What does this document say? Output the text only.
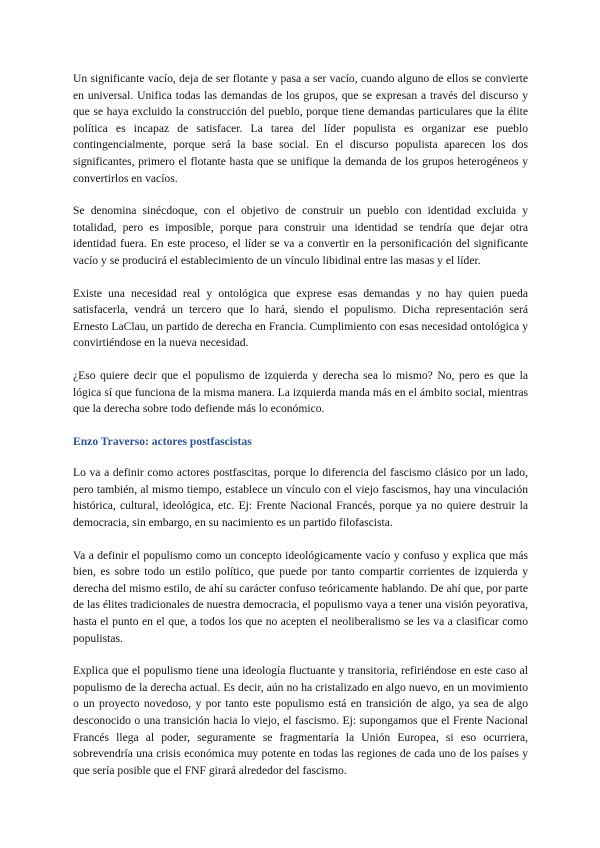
Un significante vacío, deja de ser flotante y pasa a ser vacío, cuando alguno de ellos se convierte en universal. Unifica todas las demandas de los grupos, que se expresan a través del discurso y que se haya excluido la construcción del pueblo, porque tiene demandas particulares que la élite política es incapaz de satisfacer. La tarea del líder populista es organizar ese pueblo contingencialmente, porque será la base social. En el discurso populista aparecen los dos significantes, primero el flotante hasta que se unifique la demanda de los grupos heterogéneos y convertirlos en vacíos.

Se denomina sinécdoque, con el objetivo de construir un pueblo con identidad excluida y totalidad, pero es imposible, porque para construir una identidad se tendría que dejar otra identidad fuera. En este proceso, el líder se va a convertir en la personificación del significante vacío y se producirá el establecimiento de un vínculo libidinal entre las masas y el líder.

Existe una necesidad real y ontológica que exprese esas demandas y no hay quien pueda satisfacerla, vendrá un tercero que lo hará, siendo el populismo. Dicha representación será Ernesto LaClau, un partido de derecha en Francia. Cumplimiento con esas necesidad ontológica y convirtiéndose en la nueva necesidad.

¿Eso quiere decir que el populismo de izquierda y derecha sea lo mismo? No, pero es que la lógica sí que funciona de la misma manera. La izquierda manda más en el ámbito social, mientras que la derecha sobre todo defiende más lo económico.

Enzo Traverso: actores postfascistas

Lo va a definir como actores postfascitas, porque lo diferencia del fascismo clásico por un lado, pero también, al mismo tiempo, establece un vínculo con el viejo fascismos, hay una vinculación histórica, cultural, ideológica, etc. Ej: Frente Nacional Francés, porque ya no quiere destruir la democracia, sin embargo, en su nacimiento es un partido filofascista.

Va a definir el populismo como un concepto ideológicamente vacío y confuso y explica que más bien, es sobre todo un estilo político, que puede por tanto compartir corrientes de izquierda y derecha del mismo estilo, de ahí su carácter confuso teóricamente hablando. De ahí que, por parte de las élites tradicionales de nuestra democracia, el populismo vaya a tener una visión peyorativa, hasta el punto en el que, a todos los que no acepten el neoliberalismo se les va a clasificar como populistas.

Explica que el populismo tiene una ideología fluctuante y transitoria, refiriéndose en este caso al populismo de la derecha actual. Es decir, aún no ha cristalizado en algo nuevo, en un movimiento o un proyecto novedoso, y por tanto este populismo está en transición de algo, ya sea de algo desconocido o una transición hacia lo viejo, el fascismo. Ej: supongamos que el Frente Nacional Francés llega al poder, seguramente se fragmentaría la Unión Europea, si eso ocurriera, sobrevendría una crisis económica muy potente en todas las regiones de cada uno de los países y que sería posible que el FNF girará alrededor del fascismo.
